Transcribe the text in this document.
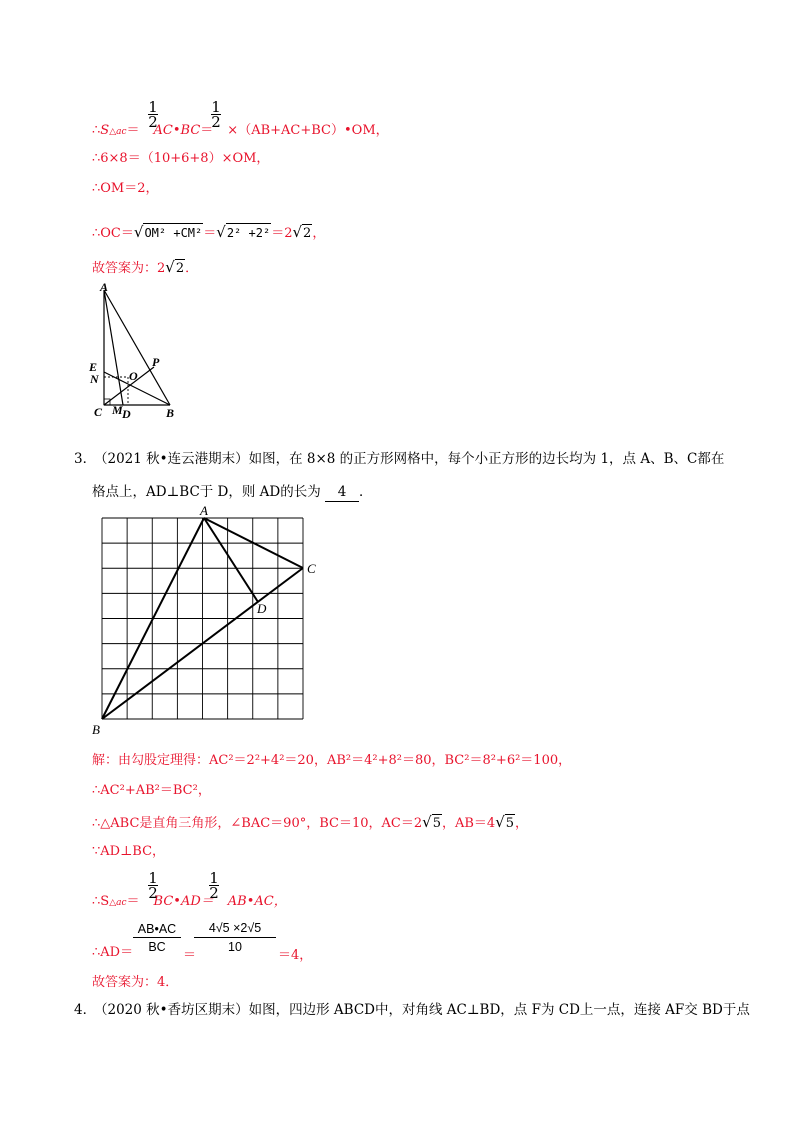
∴S△ac＝ AC•BC＝ ×（AB+AC+BC）•OM，
1
2
1
2
∴6×8＝（10+6+8）×OM，
∴OM＝2，
∴OC＝√OM² +CM²＝√2² +2²＝2√2，
故答案为：2√2．
A
E
N	O
P
C M D	B
3．
（2021 秋•连云港期末）如图，在 8×8 的正方形网格中，每个小正方形的边长均为 1，点 A、B、C都在
格点上，AD⊥BC于 D，则 AD的长为 4 ．
A
B
C
D
解：由勾股定理得：AC²＝2²+4²＝20，AB²＝4²+8²＝80，BC²＝8²+6²＝100，
∴AC²+AB²＝BC²，
∴△ABC是直角三角形，∠BAC＝90°，BC＝10，AC＝2√5，AB＝4√5，
∵AD⊥BC，
∴S△ac＝ BC•AD＝ AB•AC，
1
2
1
2
∴AD＝
AB•AC
BC
＝
4√5 ×2√5
10
＝4，
故答案为：4．
4．
（2020 秋•香坊区期末）如图，四边形 ABCD中，对角线 AC⊥BD，点 F为 CD上一点，连接 AF交 BD于点
